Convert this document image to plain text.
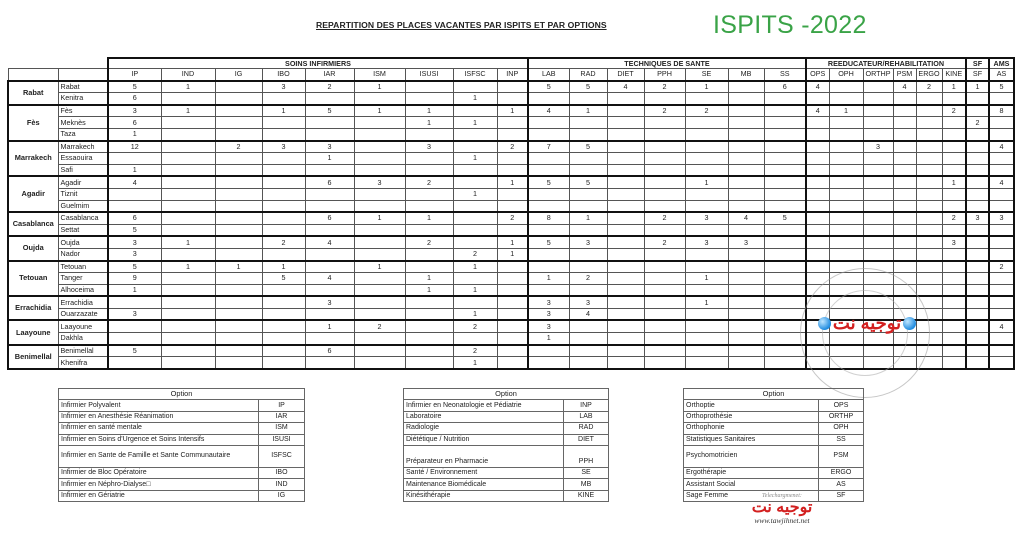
REPARTITION DES PLACES VACANTES PAR ISPITS ET PAR OPTIONS	ISPITS -2022
		SOINS INFIRMIERS									TECHNIQUES DE SANTE							REEDUCATEUR/REHABILITATION						SF	AMS
		IP	IND	IG	IBO	IAR	ISM	ISUSI	ISFSC	INP	LAB	RAD	DIET	PPH	SE	MB	SS	OPS	OPH	ORTHP	PSM	ERGO	KINE	SF	AS
Rabat	Rabat	5	1		3	2	1				5	5	4	2	1		6	4			4	2	1	1	5
	Kenitra	6							1																
Fès	Fès	3	1		1	5	1	1		1	4	1		2	2			4	1				2		8
	Meknès	6						1	1															2	
	Taza	1																							
Marrakech	Marrakech	12		2	3	3		3		2	7	5								3					4
	Essaouira					1			1																
	Safi	1																							
Agadir	Agadir	4				6	3	2		1	5	5			1								1		4
	Tiznit								1																
	Guelmim																								
Casablanca	Casablanca	6				6	1	1		2	8	1		2	3	4	5						2	3	3
	Settat	5																							
Oujda	Oujda	3	1		2	4		2		1	5	3		2	3	3							3		
	Nador	3							2	1															
Tetouan	Tetouan	5	1	1	1		1		1																2
	Tanger	9			5	4		1			1	2			1										
	Alhoceima	1						1	1																
Errachidia	Errachidia					3					3	3			1										
	Ouarzazate	3							1		3	4													
Laayoune	Laayoune					1	2		2		3														4
	Dakhla										1														
Benimellal	Benimellal	5				6			2																
	Khenifra								1																
توجيه نت
Option	
Infirmier Polyvalent	IP
Infirmier en Anesthésie Réanimation	IAR
Infirmier en santé mentale	ISM
Infirmier en Soins d'Urgence et Soins Intensifs	ISUSI
Infirmier en Sante de Famille et Sante Communautaire	ISFSC
Infirmier de Bloc Opératoire	IBO
Infirmier en Néphro-Dialyse□	IND
Infirmier en Gériatrie	IG
Option	
Infirmier en Neonatologie et Pédiatrie	INP
Laboratoire	LAB
Radiologie	RAD
Diététique / Nutrition	DIET
Préparateur en Pharmacie	PPH
Santé / Environnement	SE
Maintenance Biomédicale	MB
Kinésithérapie	KINE
Option	
Orthoptie	OPS
Orthoprothésie	ORTHP
Orthophonie	OPH
Statistiques Sanitaires	SS
Psychomotricien	PSM
Ergothérapie	ERGO
Assistant Social	AS
Sage Femme	SF
Telechargmenet:
توجيه نت
www.tawjihnet.net
